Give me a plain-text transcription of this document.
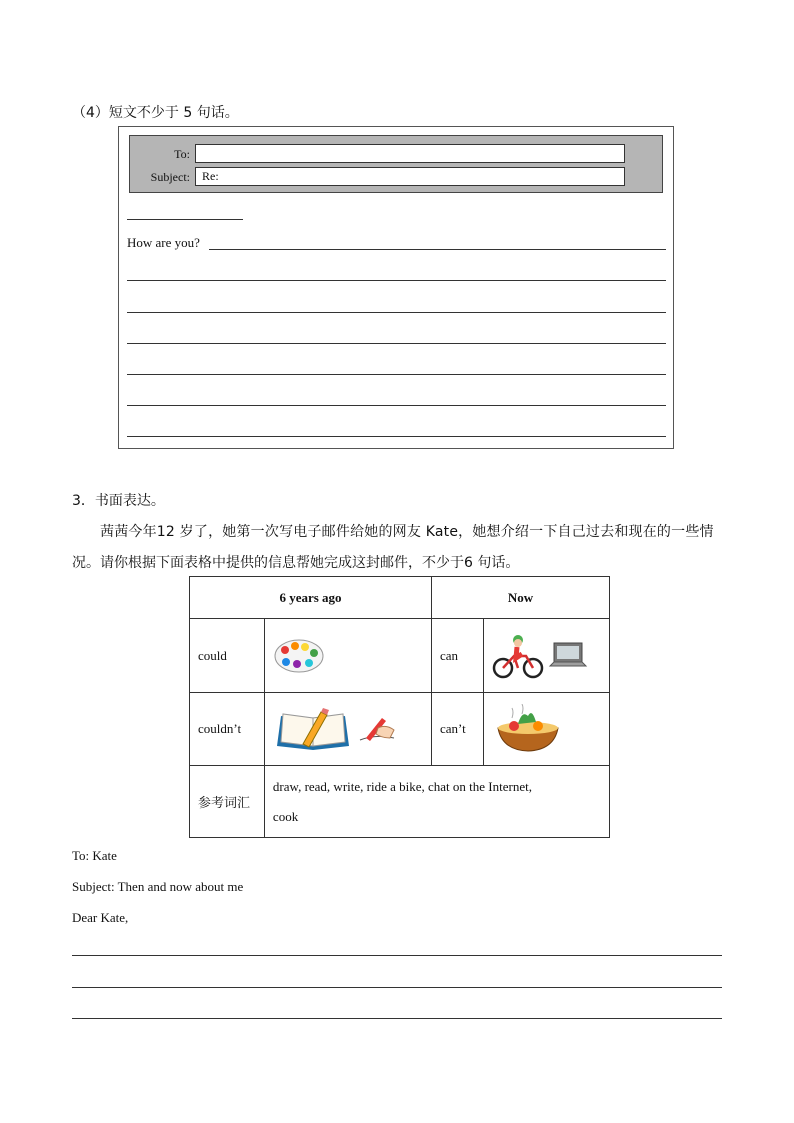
（4）短文不少于 5 句话。
To:
Subject:	Re:
How are you?
3．书面表达。
茜茜今年12 岁了，她第一次写电子邮件给她的网友 Kate，她想介绍一下自己过去和现在的一些情
况。请你根据下面表格中提供的信息帮她完成这封邮件，不少于6 句话。
6 years ago		Now	
could		can	
couldn’t		can’t	
参考词汇	draw, read, write, ride a bike, chat on the Internet,
cook		
To: Kate
Subject: Then and now about me
Dear Kate,
